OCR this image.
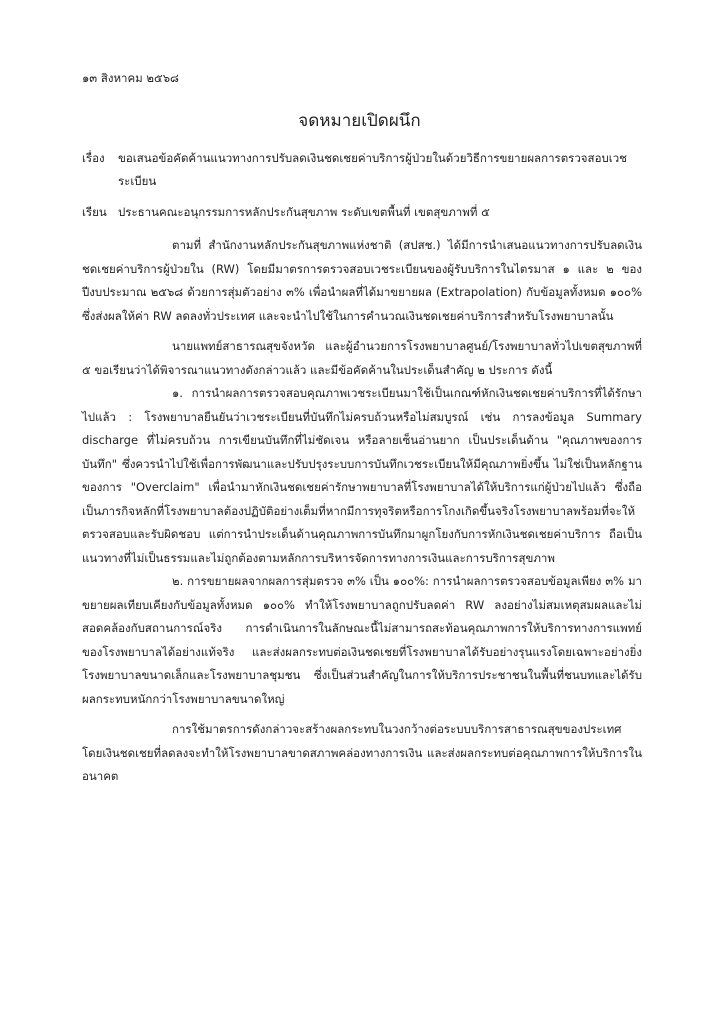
๑๓ สิงหาคม ๒๕๖๘
จดหมายเปิดผนึก
เรื่อง	ขอเสนอข้อคัดค้านแนวทางการปรับลดเงินชดเชยค่าบริการผู้ป่วยในด้วยวิธีการขยายผลการตรวจสอบเวชระเบียน
เรียน ประธานคณะอนุกรรมการหลักประกันสุขภาพ ระดับเขตพื้นที่ เขตสุขภาพที่ ๕

ตามที่ สำนักงานหลักประกันสุขภาพแห่งชาติ (สปสช.) ได้มีการนำเสนอแนวทางการปรับลดเงินชดเชยค่าบริการผู้ป่วยใน (RW) โดยมีมาตรการตรวจสอบเวชระเบียนของผู้รับบริการในไตรมาส ๑ และ ๒ ของปีงบประมาณ ๒๕๖๘ ด้วยการสุ่มตัวอย่าง ๓% เพื่อนำผลที่ได้มาขยายผล (Extrapolation) กับข้อมูลทั้งหมด ๑๐๐% ซึ่งส่งผลให้ค่า RW ลดลงทั่วประเทศ และจะนำไปใช้ในการคำนวณเงินชดเชยค่าบริการสำหรับโรงพยาบาลนั้น

นายแพทย์สาธารณสุขจังหวัด และผู้อำนวยการโรงพยาบาลศูนย์/โรงพยาบาลทั่วไปเขตสุขภาพที่ ๕ ขอเรียนว่าได้พิจารณาแนวทางดังกล่าวแล้ว และมีข้อคัดค้านในประเด็นสำคัญ ๒ ประการ ดังนี้

๑. การนำผลการตรวจสอบคุณภาพเวชระเบียนมาใช้เป็นเกณฑ์หักเงินชดเชยค่าบริการที่ได้รักษาไปแล้ว : โรงพยาบาลยืนยันว่าเวชระเบียนที่บันทึกไม่ครบถ้วนหรือไม่สมบูรณ์ เช่น การลงข้อมูล Summary discharge ที่ไม่ครบถ้วน การเขียนบันทึกที่ไม่ชัดเจน หรือลายเซ็นอ่านยาก เป็นประเด็นด้าน "คุณภาพของการบันทึก" ซึ่งควรนำไปใช้เพื่อการพัฒนาและปรับปรุงระบบการบันทึกเวชระเบียนให้มีคุณภาพยิ่งขึ้น ไม่ใช่เป็นหลักฐานของการ "Overclaim" เพื่อนำมาหักเงินชดเชยค่ารักษาพยาบาลที่โรงพยาบาลได้ให้บริการแก่ผู้ป่วยไปแล้ว ซึ่งถือเป็นภารกิจหลักที่โรงพยาบาลต้องปฏิบัติอย่างเต็มที่หากมีการทุจริตหรือการโกงเกิดขึ้นจริงโรงพยาบาลพร้อมที่จะให้ตรวจสอบและรับผิดชอบ แต่การนำประเด็นด้านคุณภาพการบันทึกมาผูกโยงกับการหักเงินชดเชยค่าบริการ ถือเป็นแนวทางที่ไม่เป็นธรรมและไม่ถูกต้องตามหลักการบริหารจัดการทางการเงินและการบริการสุขภาพ

๒. การขยายผลจากผลการสุ่มตรวจ ๓% เป็น ๑๐๐%: การนำผลการตรวจสอบข้อมูลเพียง ๓% มาขยายผลเทียบเคียงกับข้อมูลทั้งหมด ๑๐๐% ทำให้โรงพยาบาลถูกปรับลดค่า RW ลงอย่างไม่สมเหตุสมผลและไม่สอดคล้องกับสถานการณ์จริง การดำเนินการในลักษณะนี้ไม่สามารถสะท้อนคุณภาพการให้บริการทางการแพทย์ของโรงพยาบาลได้อย่างแท้จริง และส่งผลกระทบต่อเงินชดเชยที่โรงพยาบาลได้รับอย่างรุนแรงโดยเฉพาะอย่างยิ่งโรงพยาบาลขนาดเล็กและโรงพยาบาลชุมชน ซึ่งเป็นส่วนสำคัญในการให้บริการประชาชนในพื้นที่ชนบทและได้รับผลกระทบหนักกว่าโรงพยาบาลขนาดใหญ่

การใช้มาตรการดังกล่าวจะสร้างผลกระทบในวงกว้างต่อระบบบริการสาธารณสุขของประเทศ โดยเงินชดเชยที่ลดลงจะทำให้โรงพยาบาลขาดสภาพคล่องทางการเงิน และส่งผลกระทบต่อคุณภาพการให้บริการในอนาคต
